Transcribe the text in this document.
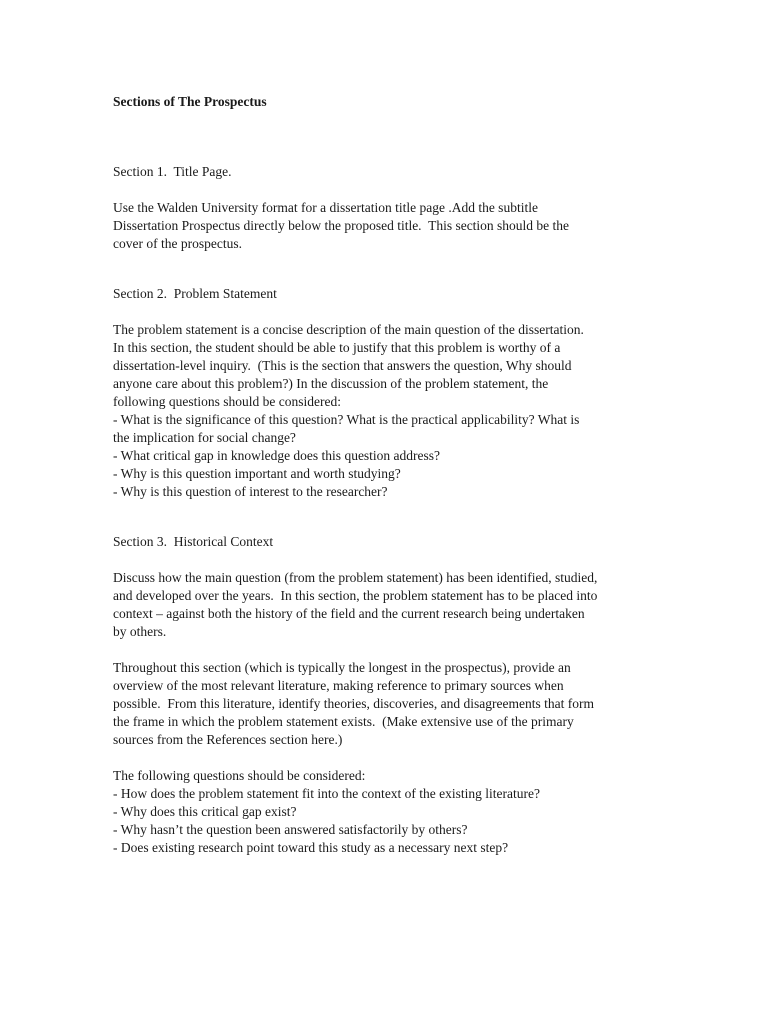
Sections of The Prospectus
Section 1.  Title Page.
Use the Walden University format for a dissertation title page .Add the subtitle
Dissertation Prospectus directly below the proposed title.  This section should be the
cover of the prospectus.
Section 2.  Problem Statement
The problem statement is a concise description of the main question of the dissertation.
In this section, the student should be able to justify that this problem is worthy of a
dissertation-level inquiry.  (This is the section that answers the question, Why should
anyone care about this problem?) In the discussion of the problem statement, the
following questions should be considered:
- What is the significance of this question? What is the practical applicability? What is
the implication for social change?
- What critical gap in knowledge does this question address?
- Why is this question important and worth studying?
- Why is this question of interest to the researcher?
Section 3.  Historical Context
Discuss how the main question (from the problem statement) has been identified, studied,
and developed over the years.  In this section, the problem statement has to be placed into
context – against both the history of the field and the current research being undertaken
by others.
Throughout this section (which is typically the longest in the prospectus), provide an
overview of the most relevant literature, making reference to primary sources when
possible.  From this literature, identify theories, discoveries, and disagreements that form
the frame in which the problem statement exists.  (Make extensive use of the primary
sources from the References section here.)
The following questions should be considered:
- How does the problem statement fit into the context of the existing literature?
- Why does this critical gap exist?
- Why hasn’t the question been answered satisfactorily by others?
- Does existing research point toward this study as a necessary next step?
